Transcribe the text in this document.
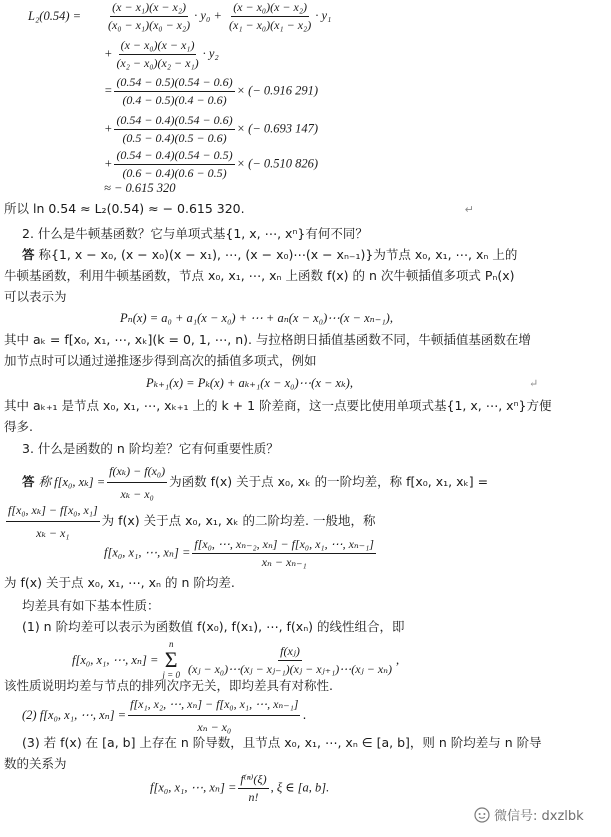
$L_2(0.54) = \frac{\text{(x − x₁)(x − x₂)}}{\text{(x₀ − x₁)(x₀ − x₂)}} \cdot y_0 + \frac{\text{(x − x₀)(x − x₂)}}{\text{(x₁ − x₀)(x₁ − x₂)}} \cdot y_1$
+ $\frac{\text{(x − x₀)(x − x₁)}}{\text{(x₂ − x₀)(x₂ − x₁)}} \cdot y_2$
= $\frac{(0.54 - 0.5)(0.54 - 0.6)}{(0.4 - 0.5)(0.4 - 0.6)}$ × (− 0.916 291)
+ $\frac{(0.54 - 0.4)(0.54 - 0.6)}{(0.5 - 0.4)(0.5 - 0.6)}$ × (− 0.693 147)
+ $\frac{(0.54 - 0.4)(0.54 - 0.5)}{(0.6 - 0.4)(0.6 - 0.5)}$ × (− 0.510 826)
≈ − 0.615 320
所以 ln 0.54 ≈ L₂(0.54) ≈ − 0.615 320.	↵
2. 什么是牛顿基函数？它与单项式基{1, x, ⋯, xⁿ}有何不同？
答 称{1, x − x₀, (x − x₀)(x − x₁), ⋯, (x − x₀)⋯(x − xₙ₋₁)}为节点 x₀, x₁, ⋯, xₙ 上的
牛顿基函数，利用牛顿基函数，节点 x₀, x₁, ⋯, xₙ 上函数 f(x) 的 n 次牛顿插值多项式 Pₙ(x)
可以表示为
Pₙ(x) = a₀ + a₁(x − x₀) + ⋯ + aₙ(x − x₀)⋯(x − xₙ₋₁),
其中 aₖ = f[x₀, x₁, ⋯, xₖ](k = 0, 1, ⋯, n). 与拉格朗日插值基函数不同，牛顿插值基函数在增
加节点时可以通过递推逐步得到高次的插值多项式，例如
Pₖ₊₁(x) = Pₖ(x) + aₖ₊₁(x − x₀)⋯(x − xₖ),	↵
其中 aₖ₊₁ 是节点 x₀, x₁, ⋯, xₖ₊₁ 上的 k + 1 阶差商，这一点要比使用单项式基{1, x, ⋯, xⁿ}方便
得多.
3. 什么是函数的 n 阶均差？它有何重要性质？
答 称 f[x₀, $x_k] = \frac{\text{f(xₖ) − f(x₀)}}{\text{xₖ − x₀}}$ 为函数 f(x) 关于点 x₀, xₖ 的一阶均差，称 f[x₀, x₁, xₖ] =
$\frac{\text{f[x₀, xₖ] − f[x₀, x₁]}}{\text{xₖ − x₁}}$ 为 f(x) 关于点 x₀, x₁, xₖ 的二阶均差. 一般地，称
f[x₀, x₁, ⋯, $x_n] = \frac{\text{f[x₀, ⋯, xₙ₋₂, xₙ] − f[x₀, x₁, ⋯, xₙ₋₁]}}{\text{xₙ − xₙ₋₁}}$
为 f(x) 关于点 x₀, x₁, ⋯, xₙ 的 n 阶均差.
均差具有如下基本性质：
(1) n 阶均差可以表示为函数值 f(x₀), f(x₁), ⋯, f(xₙ) 的线性组合，即
f[x₀, x₁, ⋯, xₙ] =
n
Σ
$j = 0 \frac{\text{f(xⱼ)}}{\text{(xⱼ − x₀)⋯(xⱼ − xⱼ₋₁)(xⱼ − xⱼ₊₁)⋯(xⱼ − xₙ)}}$ ,
该性质说明均差与节点的排列次序无关，即均差具有对称性.
(2) f[x₀, x₁, ⋯, $x_n] = \frac{\text{f[x₁, x₂, ⋯, xₙ] − f[x₀, x₁, ⋯, xₙ₋₁]}}{\text{xₙ − x₀}}$ .
(3) 若 f(x) 在 [a, b] 上存在 n 阶导数，且节点 x₀, x₁, ⋯, xₙ ∈ [a, b]，则 n 阶均差与 n 阶导
数的关系为
f[x₀, x₁, ⋯, $x_n] = \frac{\text{f⁽ⁿ⁾(ξ)}}{n!}$ , ξ ∈ [a, b].
微信号: dxzlbk
